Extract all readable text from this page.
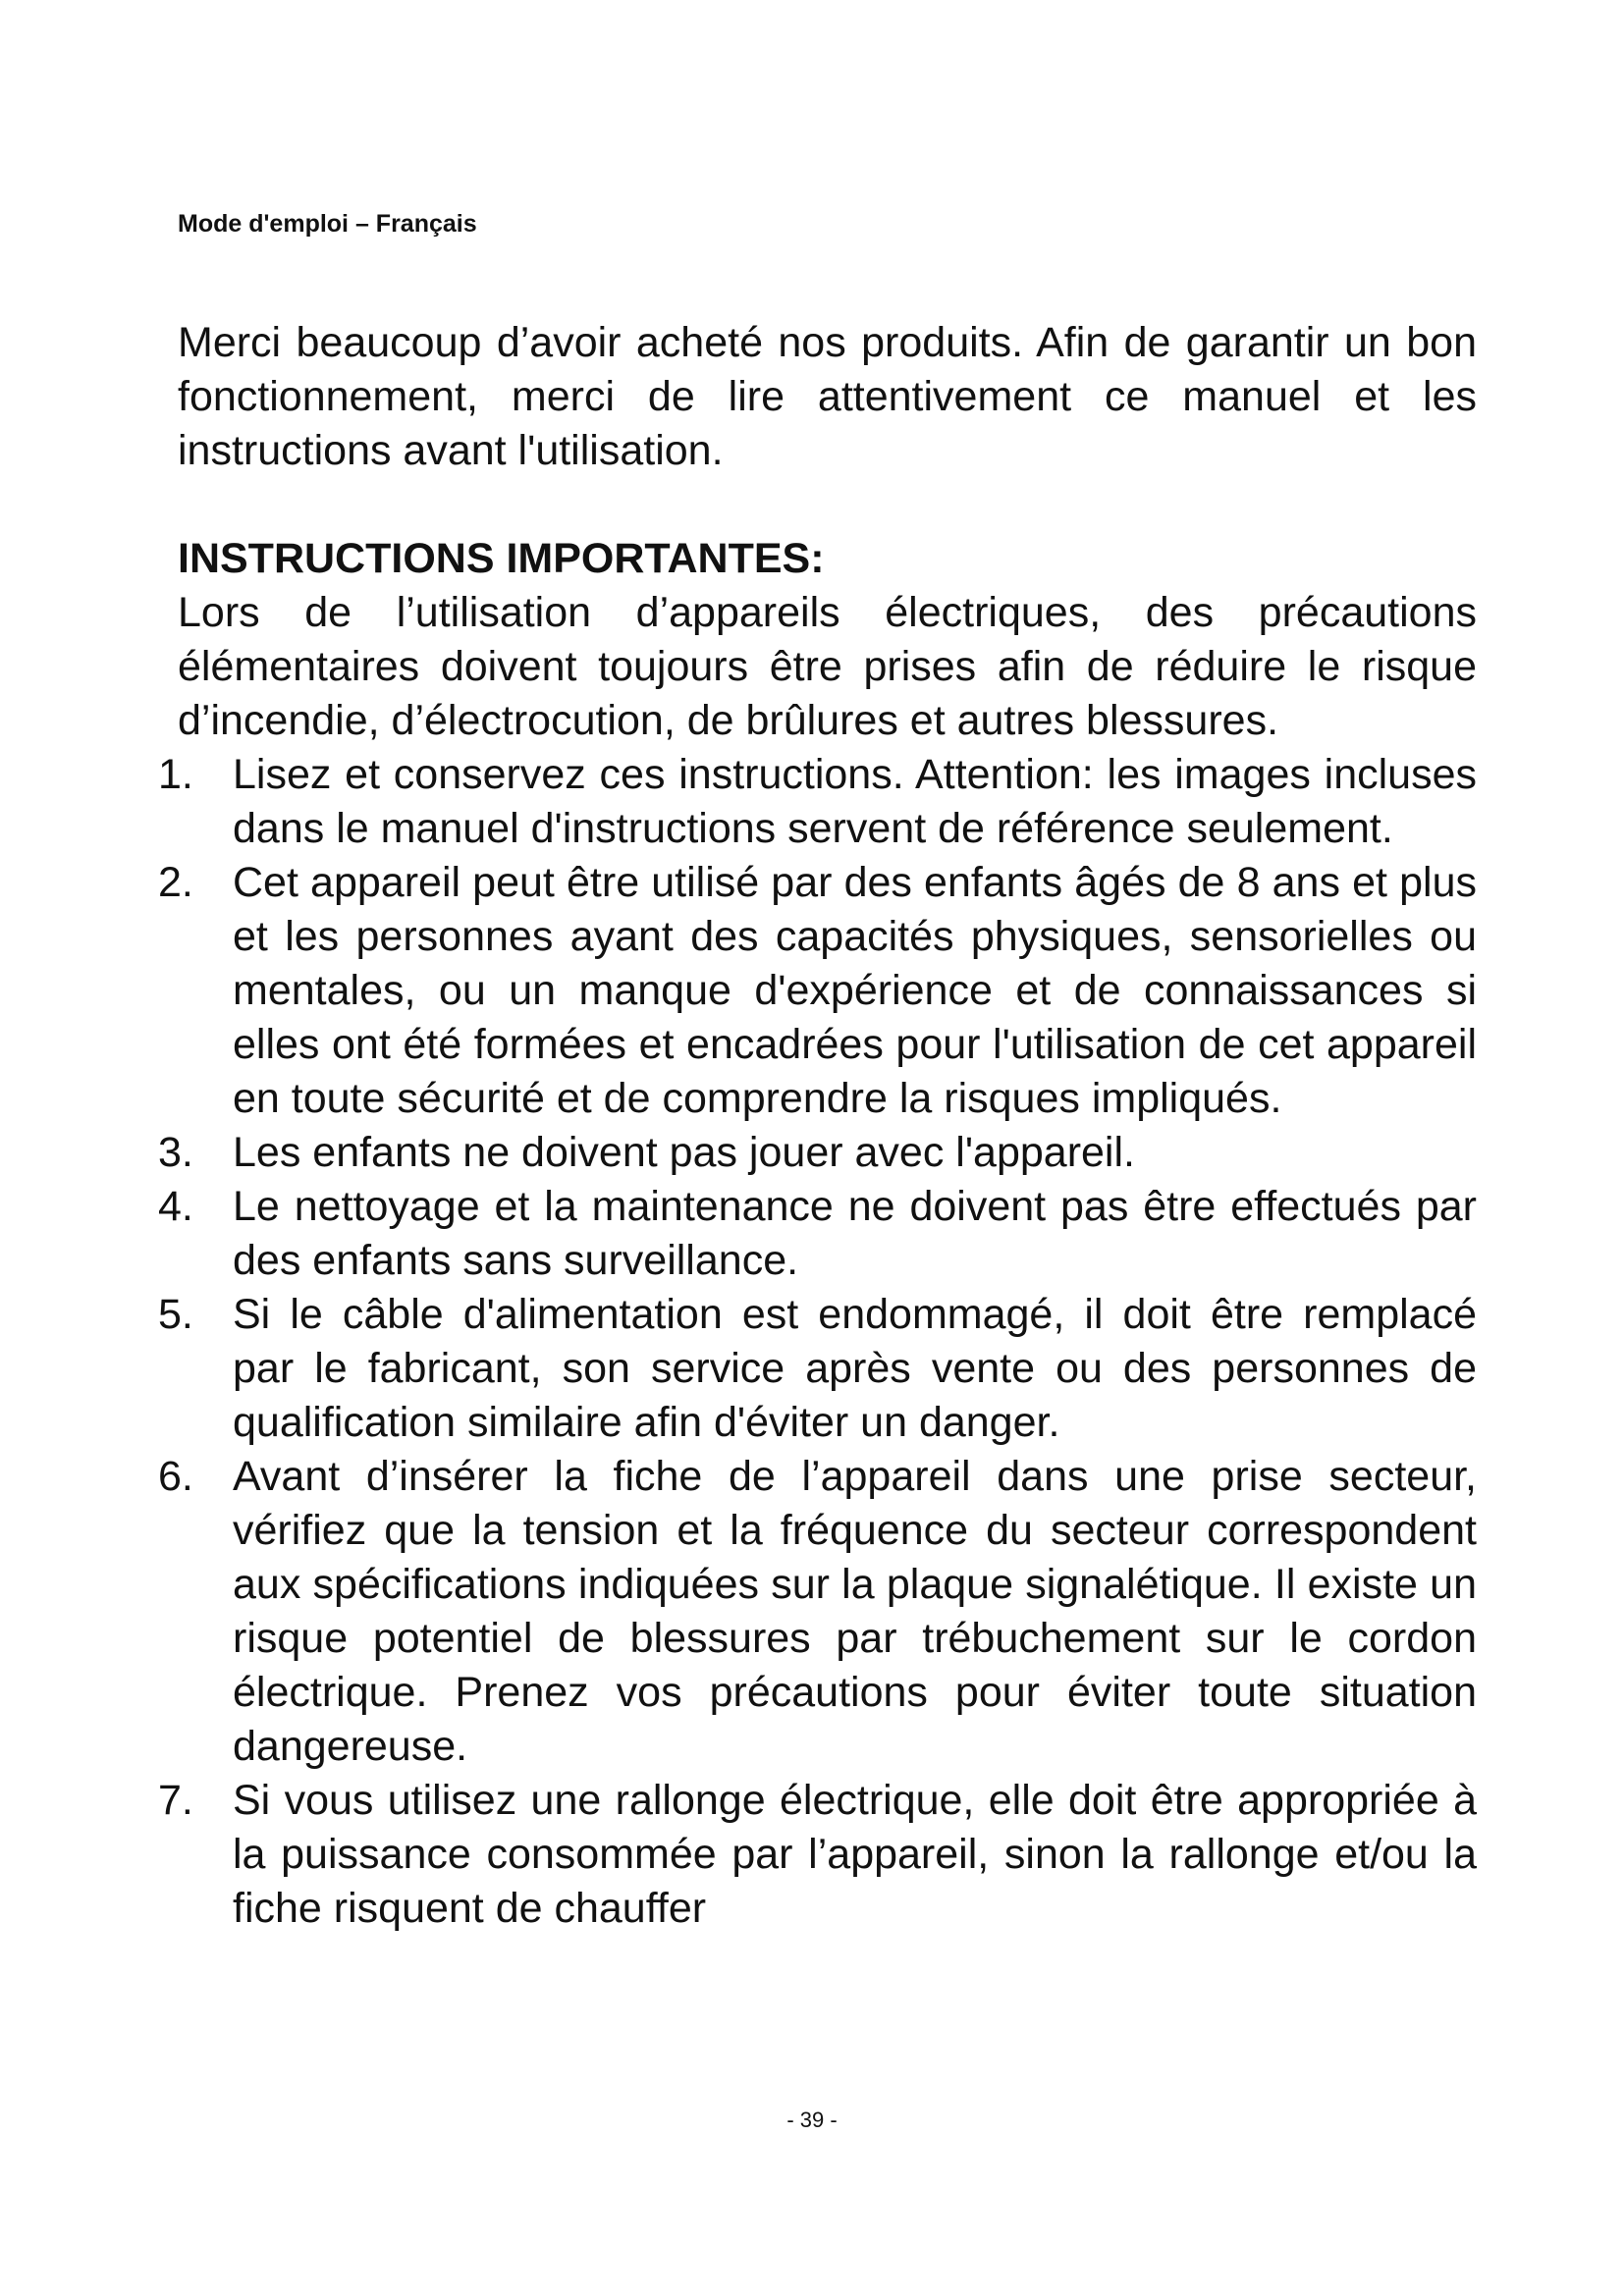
Mode d'emploi – Français

Merci beaucoup d’avoir acheté nos produits. Afin de garantir un bon fonctionnement, merci de lire attentivement ce manuel et les instructions avant l'utilisation.

INSTRUCTIONS IMPORTANTES:

Lors de l’utilisation d’appareils électriques, des précautions élémentaires doivent toujours être prises afin de réduire le risque d’incendie, d’électrocution, de brûlures et autres blessures.

1. Lisez et conservez ces instructions. Attention: les images incluses dans le manuel d'instructions servent de référence seulement.
2. Cet appareil peut être utilisé par des enfants âgés de 8 ans et plus et les personnes ayant des capacités physiques, sensorielles ou mentales, ou un manque d'expérience et de connaissances si elles ont été formées et encadrées pour l'utilisation de cet appareil en toute sécurité et de comprendre la risques impliqués.
3. Les enfants ne doivent pas jouer avec l'appareil.
4. Le nettoyage et la maintenance ne doivent pas être effectués par des enfants sans surveillance.
5. Si le câble d'alimentation est endommagé, il doit être remplacé par le fabricant, son service après vente ou des personnes de qualification similaire afin d'éviter un danger.
6. Avant d’insérer la fiche de l’appareil dans une prise secteur, vérifiez que la tension et la fréquence du secteur correspondent aux spécifications indiquées sur la plaque signalétique. Il existe un risque potentiel de blessures par trébuchement sur le cordon électrique. Prenez vos précautions pour éviter toute situation dangereuse.
7. Si vous utilisez une rallonge électrique, elle doit être appropriée à la puissance consommée par l’appareil, sinon la rallonge et/ou la fiche risquent de chauffer
- 39 -
